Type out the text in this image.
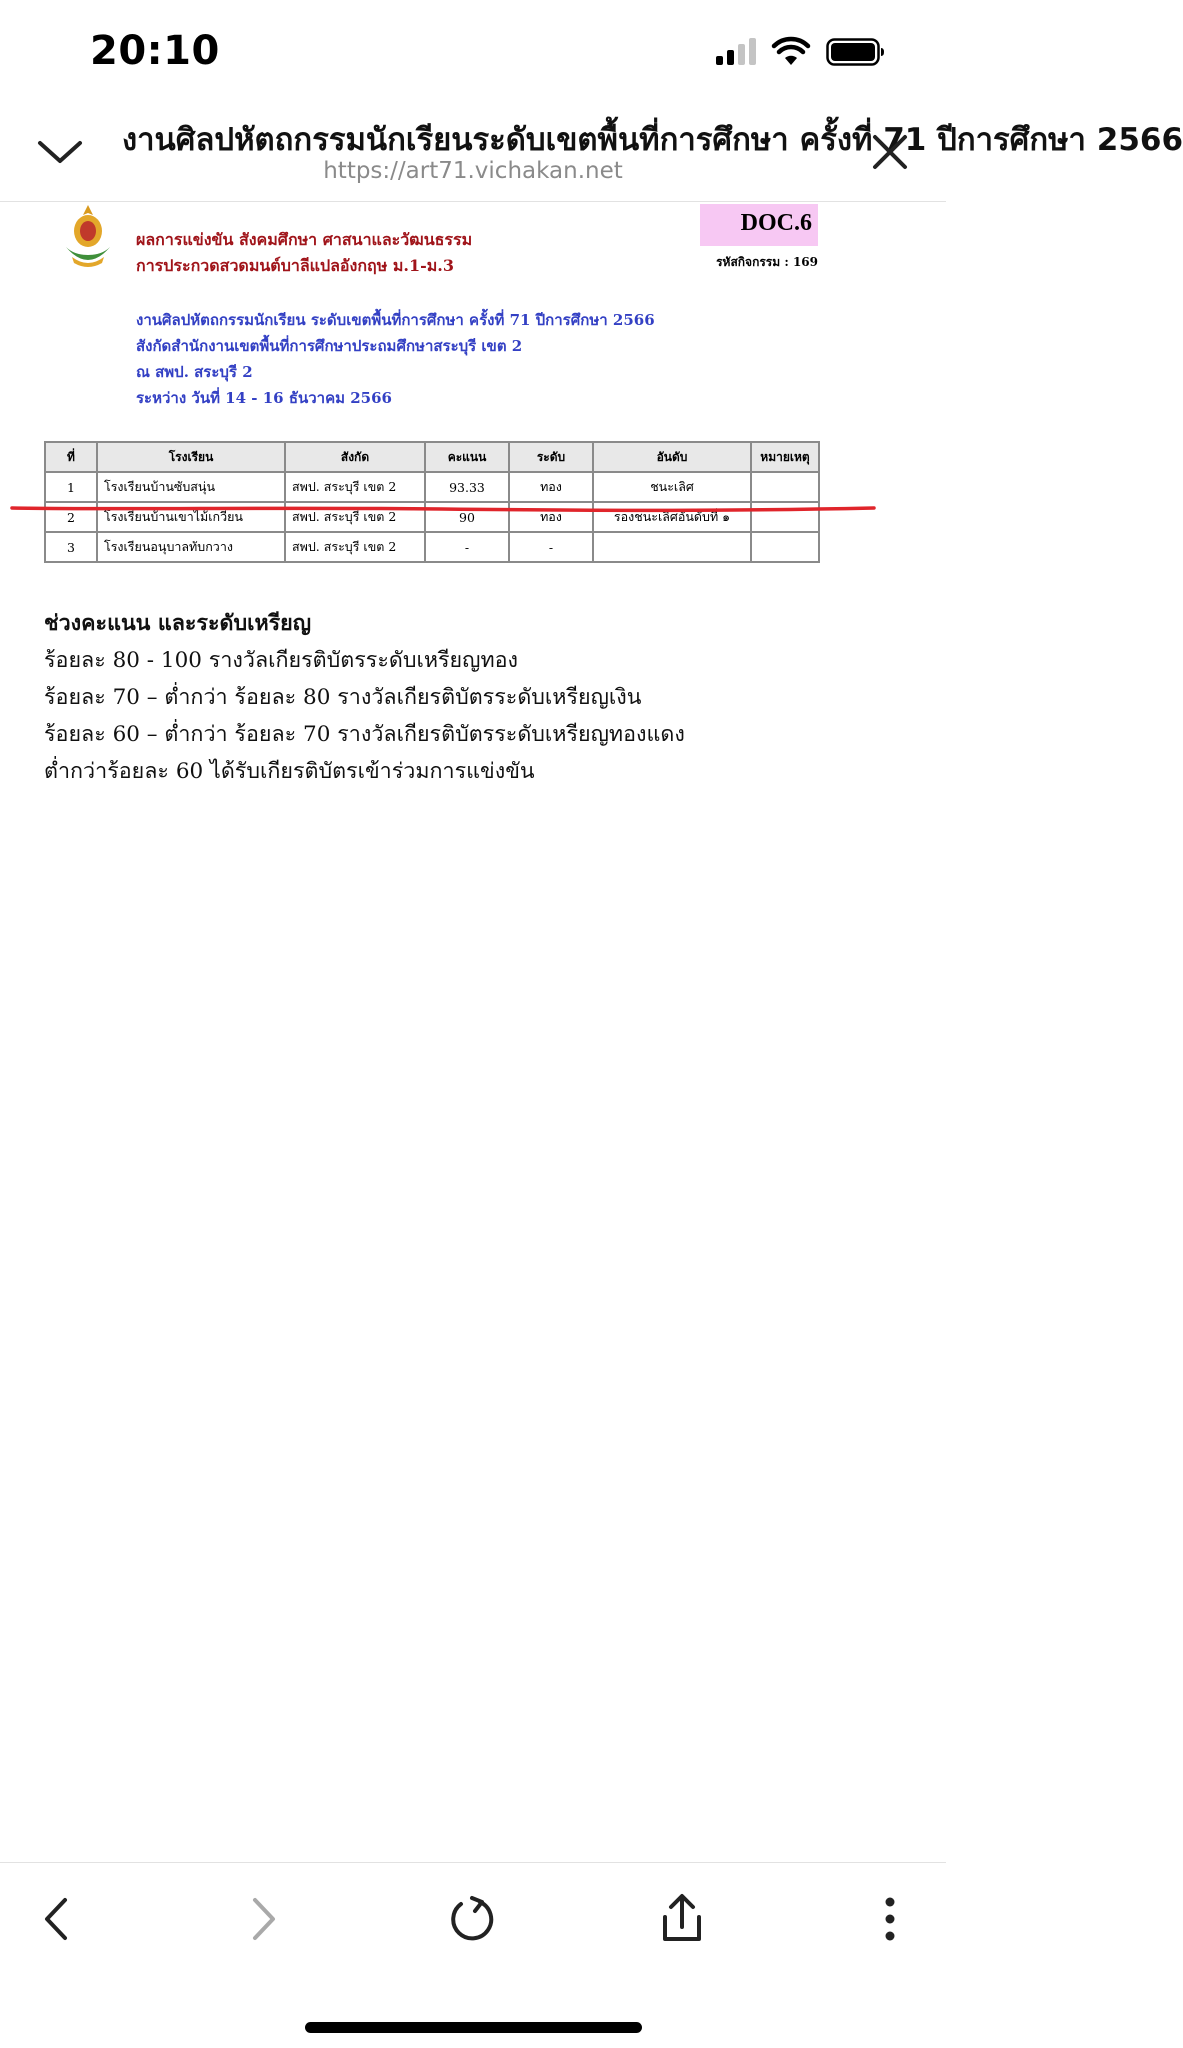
20:10
งานศิลปหัตถกรรมนักเรียนระดับเขตพื้นที่การศึกษา ครั้งที่ 71 ปีการศึกษา 2566
https://art71.vichakan.net
ผลการแข่งขัน สังคมศึกษา ศาสนาและวัฒนธรรม
การประกวดสวดมนต์บาลีแปลอังกฤษ ม.1-ม.3
DOC.6
รหัสกิจกรรม : 169
งานศิลปหัตถกรรมนักเรียน ระดับเขตพื้นที่การศึกษา ครั้งที่ 71 ปีการศึกษา 2566
สังกัดสำนักงานเขตพื้นที่การศึกษาประถมศึกษาสระบุรี เขต 2
ณ สพป. สระบุรี 2
ระหว่าง วันที่ 14 - 16 ธันวาคม 2566
ที่	โรงเรียน	สังกัด	คะแนน	ระดับ	อันดับ	หมายเหตุ
1	โรงเรียนบ้านซับสนุ่น	สพป. สระบุรี เขต 2	93.33	ทอง	ชนะเลิศ	
2	โรงเรียนบ้านเขาไม้เกวียน	สพป. สระบุรี เขต 2	90	ทอง	รองชนะเลิศอันดับที่ ๑	
3	โรงเรียนอนุบาลทับกวาง	สพป. สระบุรี เขต 2	-	-		
ช่วงคะแนน และระดับเหรียญ
ร้อยละ 80 - 100 รางวัลเกียรติบัตรระดับเหรียญทอง
ร้อยละ 70 – ต่ำกว่า ร้อยละ 80 รางวัลเกียรติบัตรระดับเหรียญเงิน
ร้อยละ 60 – ต่ำกว่า ร้อยละ 70 รางวัลเกียรติบัตรระดับเหรียญทองแดง
ต่ำกว่าร้อยละ 60 ได้รับเกียรติบัตรเข้าร่วมการแข่งขัน
